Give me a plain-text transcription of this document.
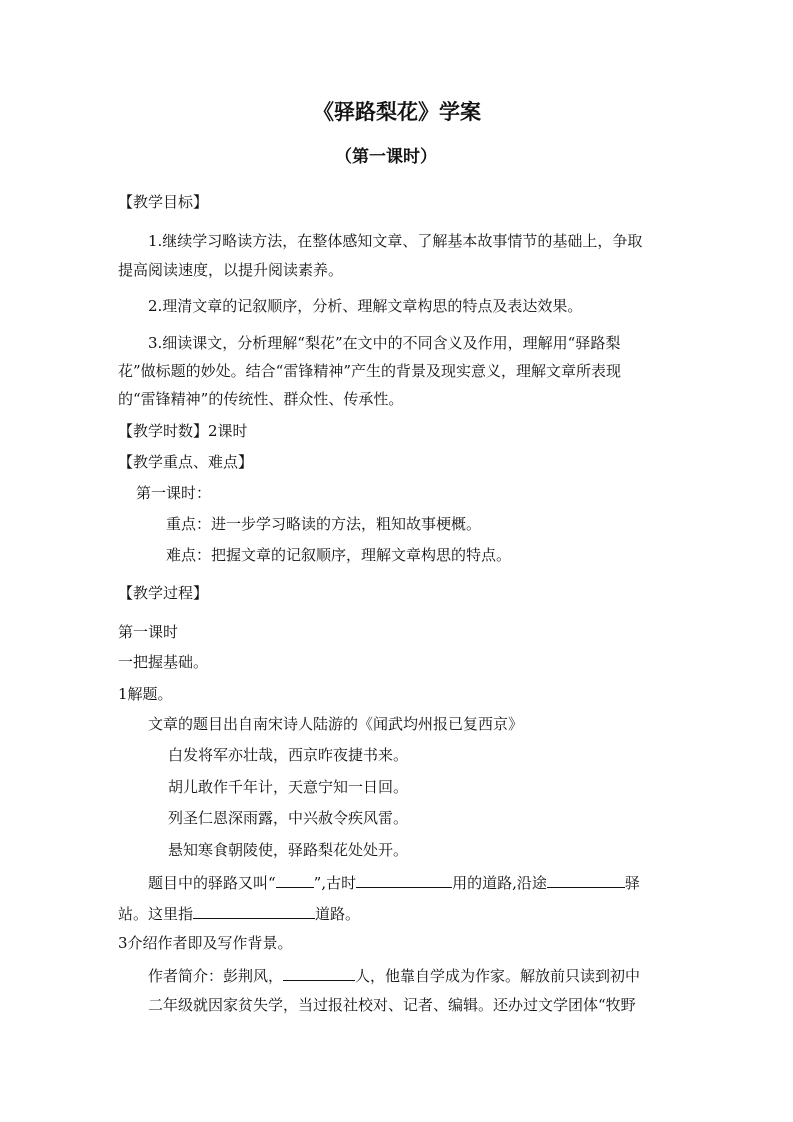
《驿路梨花》学案
（第一课时）
【教学目标】
1.继续学习略读方法，在整体感知文章、了解基本故事情节的基础上，争取
提高阅读速度，以提升阅读素养。
2.理清文章的记叙顺序，分析、理解文章构思的特点及表达效果。
3.细读课文，分析理解“梨花”在文中的不同含义及作用，理解用“驿路梨
花”做标题的妙处。结合“雷锋精神”产生的背景及现实意义，理解文章所表现
的“雷锋精神”的传统性、群众性、传承性。
【教学时数】2课时
【教学重点、难点】
第一课时：
重点：进一步学习略读的方法，粗知故事梗概。
难点：把握文章的记叙顺序，理解文章构思的特点。
【教学过程】
第一课时
一把握基础。
1解题。
文章的题目出自南宋诗人陆游的《闻武均州报已复西京》
白发将军亦壮哉，西京昨夜捷书来。
胡儿敢作千年计，天意宁知一日回。
列圣仁恩深雨露，中兴赦令疾风雷。
悬知寒食朝陵使，驿路梨花处处开。
题目中的驿路又叫“	”,古时	用的道路,沿途	驿
站。这里指	道路。
3介绍作者即及写作背景。
作者简介：彭荆风，	人，他靠自学成为作家。解放前只读到初中
二年级就因家贫失学，当过报社校对、记者、编辑。还办过文学团体“牧野
